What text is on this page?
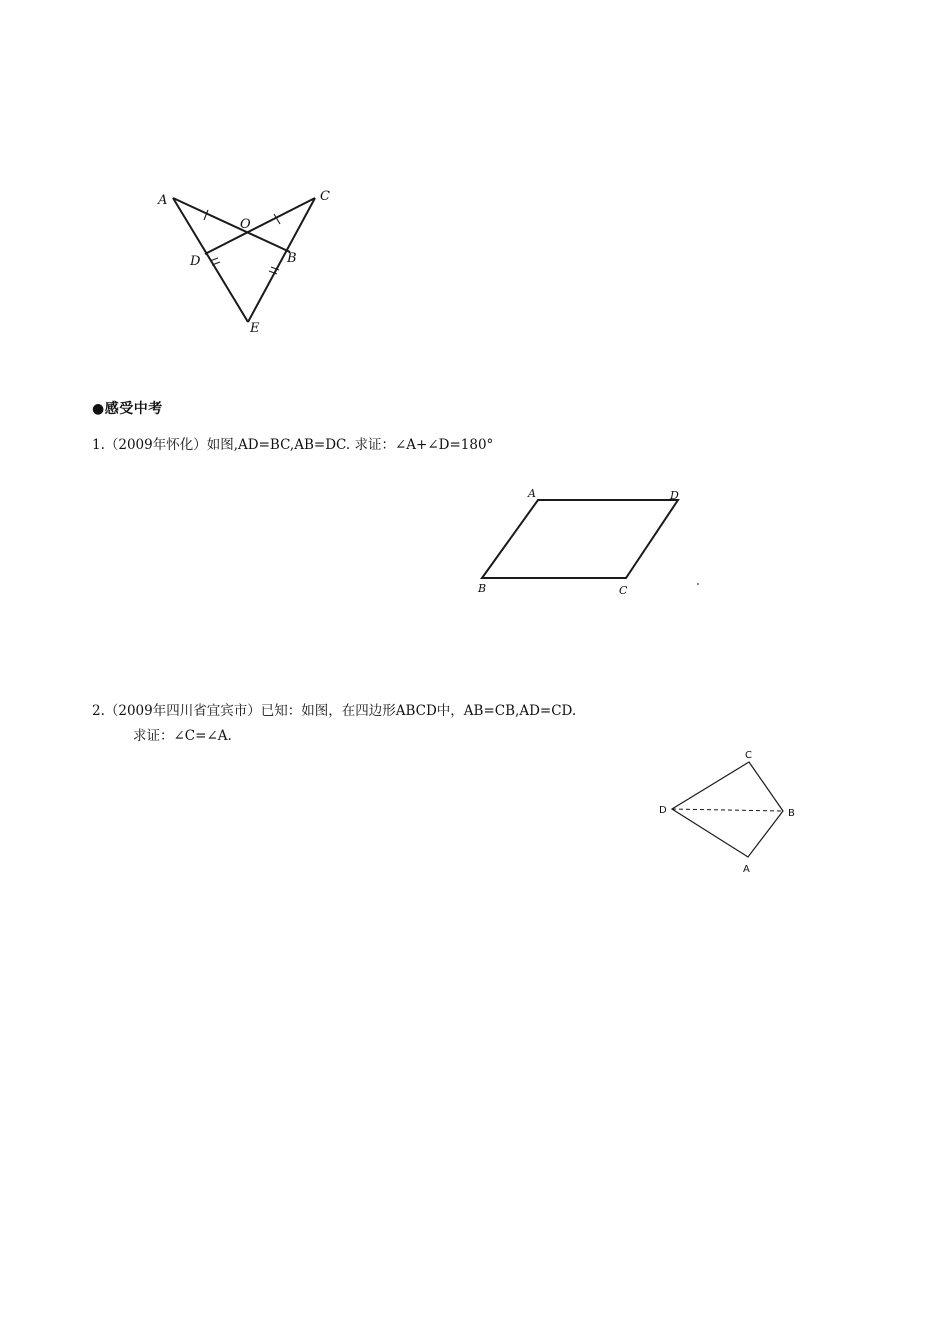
A	C
O
D	B
E
●感受中考
1.（2009年怀化）如图,AD=BC,AB=DC. 求证：∠A+∠D=180°
A	D
B	C
2.（2009年四川省宜宾市）已知：如图，在四边形ABCD中，AB=CB,AD=CD.
求证：∠C=∠A.
C
D	B
A
